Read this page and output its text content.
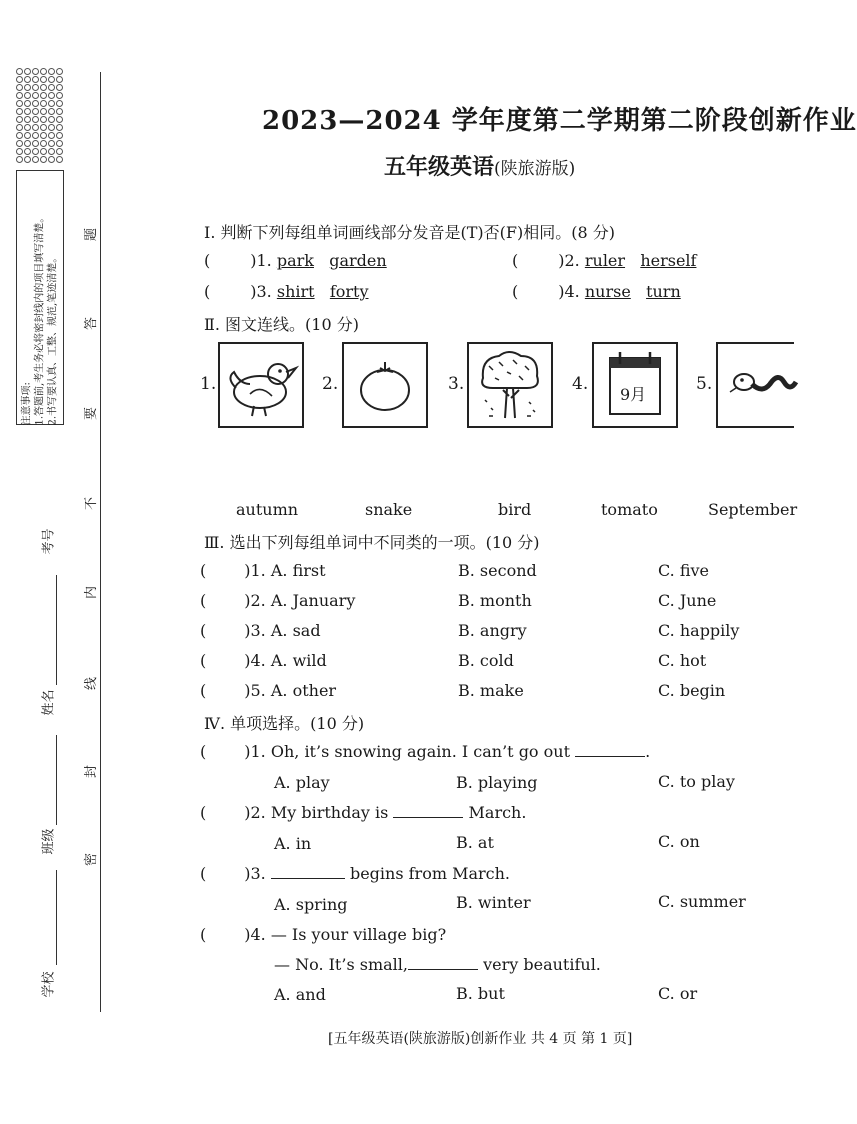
注意事项: 1.答题前,考生务必将密封线内的项目填写清楚。 2.书写要认真、工整、规范,笔迹清楚。
考号
姓名
班级
学校
题
答
要
不
内
线
封
密
2023—2024 学年度第二学期第二阶段创新作业
五年级英语(陕旅游版)
Ⅰ. 判断下列每组单词画线部分发音是(T)否(F)相同。(8 分)
(	)1. park garden	(	)2. ruler herself
(	)3. shirt forty	(	)4. nurse turn
Ⅱ. 图文连线。(10 分)
1.	2.	3.	4.
9月
5.
autumn	snake	bird	tomato	September
Ⅲ. 选出下列每组单词中不同类的一项。(10 分)
( )1. A. first	B. second	C. five
( )2. A. January	B. month	C. June
( )3. A. sad	B. angry	C. happily
( )4. A. wild	B. cold	C. hot
( )5. A. other	B. make	C. begin
Ⅳ. 单项选择。(10 分)
( )1. Oh, it’s snowing again. I can’t go out	.
A. play	B. playing	C. to play
( )2. My birthday is	March.
A. in	B. at	C. on
( )3.	begins from March.
A. spring	B. winter	C. summer
( )4. — Is your village big?
— No. It’s small,	very beautiful.
A. and	B. but	C. or
[五年级英语(陕旅游版)创新作业 共 4 页 第 1 页]
